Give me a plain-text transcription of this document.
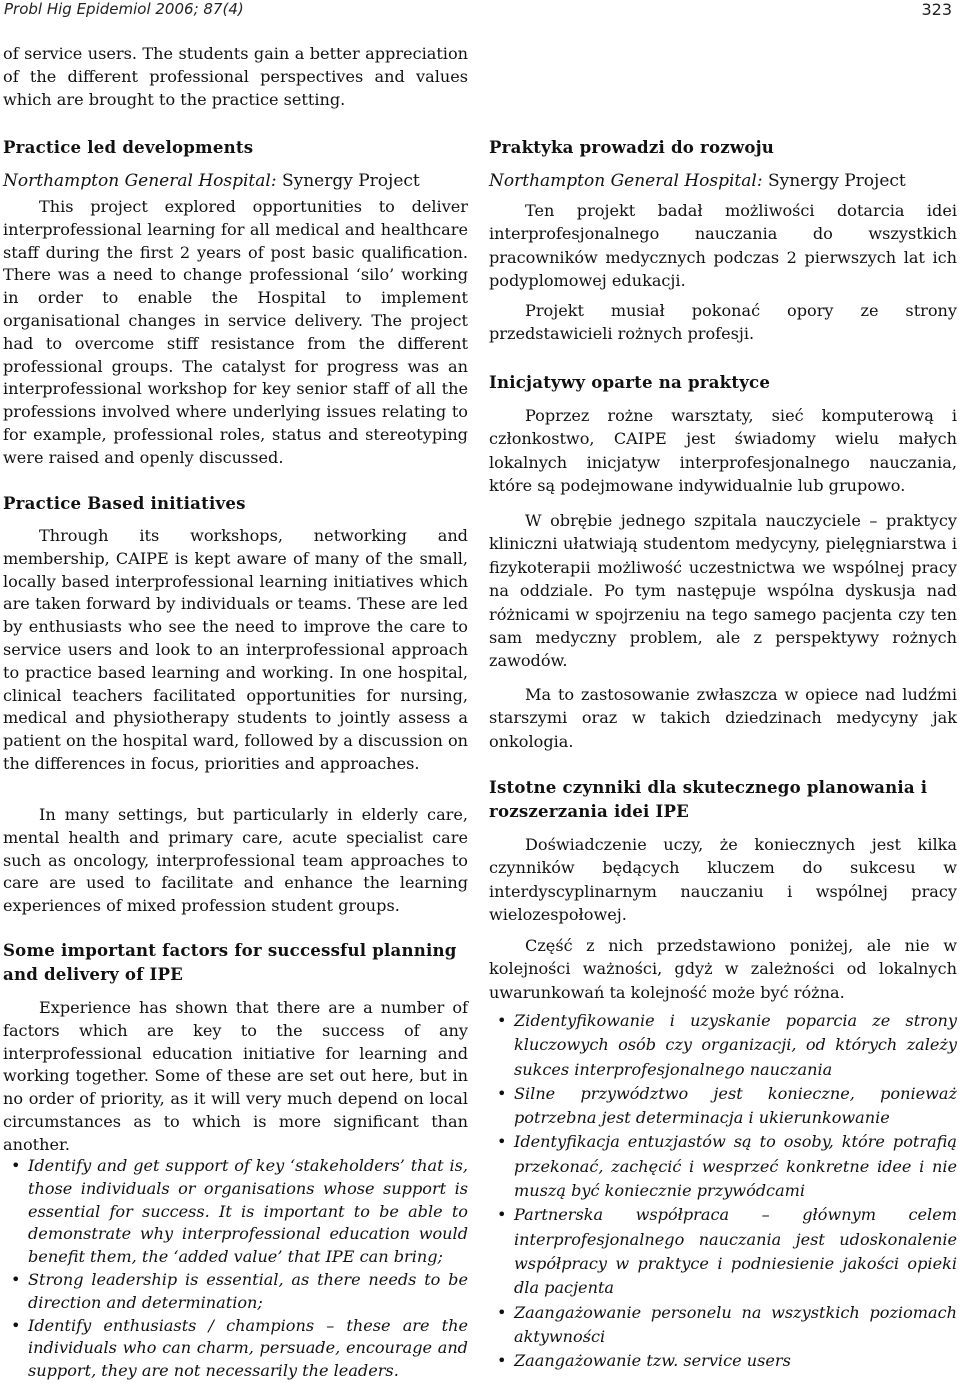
Probl Hig Epidemiol 2006; 87(4)	323

of service users. The students gain a better appreciation of the different professional perspectives and values which are brought to the practice setting.

Practice led developments
Northampton General Hospital: Synergy Project

This project explored opportunities to deliver interprofessional learning for all medical and healthcare staff during the first 2 years of post basic qualification. There was a need to change professional ‘silo’ working in order to enable the Hospital to implement organisational changes in service delivery. The project had to overcome stiff resistance from the different professional groups. The catalyst for progress was an interprofessional workshop for key senior staff of all the professions involved where underlying issues relating to for example, professional roles, status and stereotyping were raised and openly discussed.

Practice Based initiatives

Through its workshops, networking and membership, CAIPE is kept aware of many of the small, locally based interprofessional learning initiatives which are taken forward by individuals or teams. These are led by enthusiasts who see the need to improve the care to service users and look to an interprofessional approach to practice based learning and working. In one hospital, clinical teachers facilitated opportunities for nursing, medical and physiotherapy students to jointly assess a patient on the hospital ward, followed by a discussion on the differences in focus, priorities and approaches.

In many settings, but particularly in elderly care, mental health and primary care, acute specialist care such as oncology, interprofessional team approaches to care are used to facilitate and enhance the learning experiences of mixed profession student groups.

Some important factors for successful planning and delivery of IPE

Experience has shown that there are a number of factors which are key to the success of any interprofessional education initiative for learning and working together. Some of these are set out here, but in no order of priority, as it will very much depend on local circumstances as to which is more significant than another.

• Identify and get support of key ‘stakeholders’ that is, those individuals or organisations whose support is essential for success. It is important to be able to demonstrate why interprofessional education would benefit them, the ‘added value’ that IPE can bring;
• Strong leadership is essential, as there needs to be direction and determination;
• Identify enthusiasts / champions – these are the individuals who can charm, persuade, encourage and support, they are not necessarily the leaders.
Praktyka prowadzi do rozwoju
Northampton General Hospital: Synergy Project

Ten projekt badał możliwości dotarcia idei interprofesjonalnego nauczania do wszystkich pracowników medycznych podczas 2 pierwszych lat ich podyplomowej edukacji.

Projekt musiał pokonać opory ze strony przedstawicieli rożnych profesji.

Inicjatywy oparte na praktyce

Poprzez rożne warsztaty, sieć komputerową i członkostwo, CAIPE jest świadomy wielu małych lokalnych inicjatyw interprofesjonalnego nauczania, które są podejmowane indywidualnie lub grupowo.

W obrębie jednego szpitala nauczyciele – praktycy kliniczni ułatwiają studentom medycyny, pielęgniarstwa i fizykoterapii możliwość uczestnictwa we wspólnej pracy na oddziale. Po tym następuje wspólna dyskusja nad różnicami w spojrzeniu na tego samego pacjenta czy ten sam medyczny problem, ale z perspektywy rożnych zawodów.

Ma to zastosowanie zwłaszcza w opiece nad ludźmi starszymi oraz w takich dziedzinach medycyny jak onkologia.

Istotne czynniki dla skutecznego planowania i rozszerzania idei IPE

Doświadczenie uczy, że koniecznych jest kilka czynników będących kluczem do sukcesu w interdyscyplinarnym nauczaniu i wspólnej pracy wielozespołowej.

Część z nich przedstawiono poniżej, ale nie w kolejności ważności, gdyż w zależności od lokalnych uwarunkowań ta kolejność może być różna.

• Zidentyfikowanie i uzyskanie poparcia ze strony kluczowych osób czy organizacji, od których zależy sukces interprofesjonalnego nauczania
• Silne przywództwo jest konieczne, ponieważ potrzebna jest determinacja i ukierunkowanie
• Identyfikacja entuzjastów są to osoby, które potrafią przekonać, zachęcić i wesprzeć konkretne idee i nie muszą być koniecznie przywódcami
• Partnerska współpraca – głównym celem interprofesjonalnego nauczania jest udoskonalenie współpracy w praktyce i podniesienie jakości opieki dla pacjenta
• Zaangażowanie personelu na wszystkich poziomach aktywności
• Zaangażowanie tzw. service users
